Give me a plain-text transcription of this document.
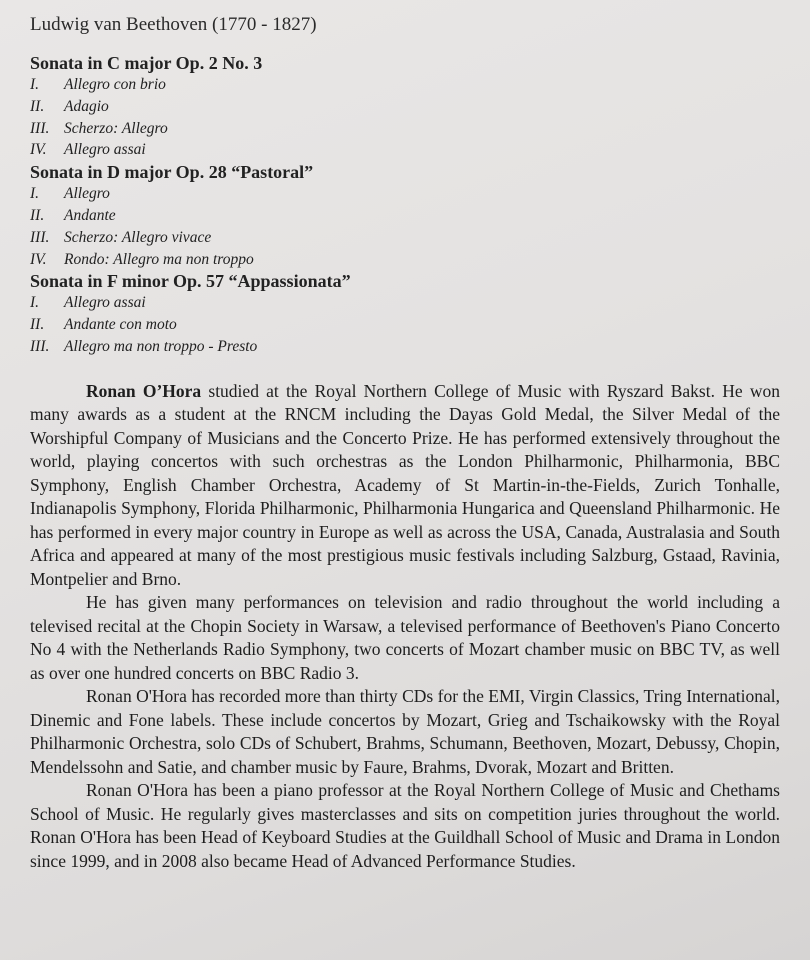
Ludwig van Beethoven (1770 - 1827)
Sonata in C major Op. 2 No. 3
I. Allegro con brio
II. Adagio
III. Scherzo: Allegro
IV. Allegro assai
Sonata in D major Op. 28 “Pastoral”
I. Allegro
II. Andante
III. Scherzo: Allegro vivace
IV. Rondo: Allegro ma non troppo
Sonata in F minor Op. 57 “Appassionata”
I. Allegro assai
II. Andante con moto
III. Allegro ma non troppo - Presto

Ronan O’Hora studied at the Royal Northern College of Music with Ryszard Bakst. He won many awards as a student at the RNCM including the Dayas Gold Medal, the Silver Medal of the Worshipful Company of Musicians and the Concerto Prize. He has performed extensively throughout the world, playing concertos with such orchestras as the London Philharmonic, Philharmonia, BBC Symphony, English Chamber Orchestra, Academy of St Martin-in-the-Fields, Zurich Tonhalle, Indianapolis Symphony, Florida Philharmonic, Philharmonia Hungarica and Queensland Philharmonic. He has performed in every major country in Europe as well as across the USA, Canada, Australasia and South Africa and appeared at many of the most prestigious music festivals including Salzburg, Gstaad, Ravinia, Montpelier and Brno.

He has given many performances on television and radio throughout the world including a televised recital at the Chopin Society in Warsaw, a televised performance of Beethoven's Piano Concerto No 4 with the Netherlands Radio Symphony, two concerts of Mozart chamber music on BBC TV, as well as over one hundred concerts on BBC Radio 3.

Ronan O'Hora has recorded more than thirty CDs for the EMI, Virgin Classics, Tring International, Dinemic and Fone labels. These include concertos by Mozart, Grieg and Tschaikowsky with the Royal Philharmonic Orchestra, solo CDs of Schubert, Brahms, Schumann, Beethoven, Mozart, Debussy, Chopin, Mendelssohn and Satie, and chamber music by Faure, Brahms, Dvorak, Mozart and Britten.

Ronan O'Hora has been a piano professor at the Royal Northern College of Music and Chethams School of Music. He regularly gives masterclasses and sits on competition juries throughout the world. Ronan O'Hora has been Head of Keyboard Studies at the Guildhall School of Music and Drama in London since 1999, and in 2008 also became Head of Advanced Performance Studies.
